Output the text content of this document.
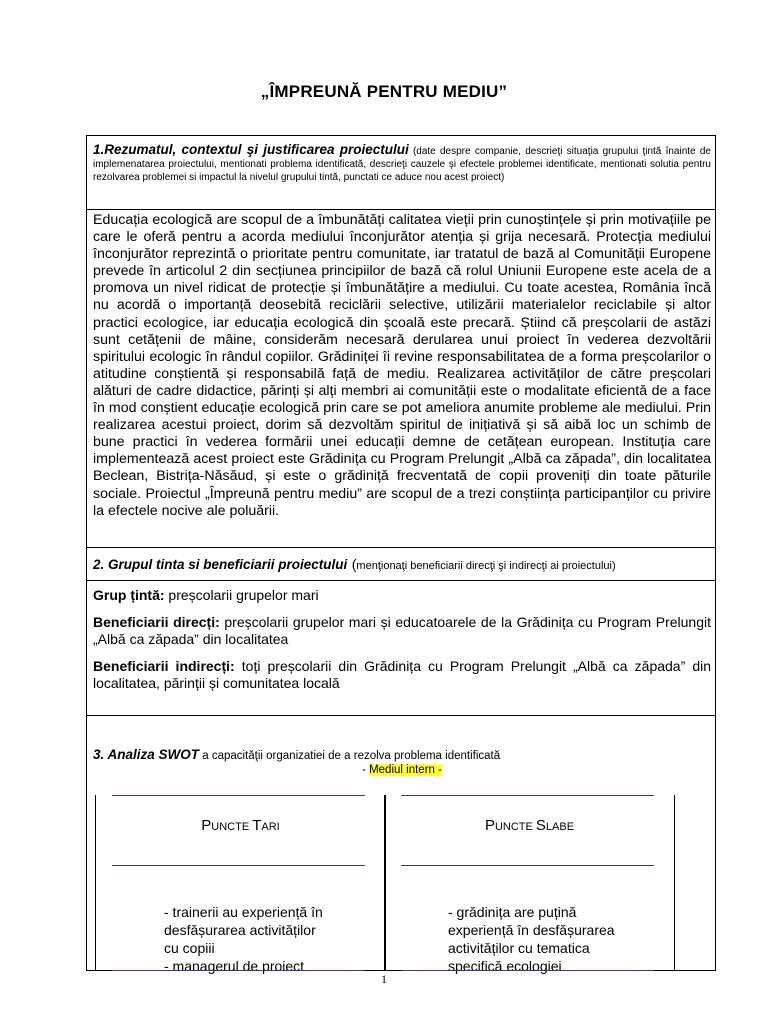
„ÎMPREUNĂ PENTRU MEDIU”
1.Rezumatul, contextul şi justificarea proiectului (date despre companie, descrieţi situaţia grupului ţintă înainte de implemenatarea proiectului, mentionati problema identificată, descrieţi cauzele şi efectele problemei identificate, mentionati solutia pentru rezolvarea problemei si impactul la nivelul grupului tintă, punctati ce aduce nou acest proiect)
Educația ecologică are scopul de a îmbunătăți calitatea vieții prin cunoștințele și prin motivațiile pe care le oferă pentru a acorda mediului înconjurător atenția și grija necesară. Protecția mediului înconjurător reprezintă o prioritate pentru comunitate, iar tratatul de bază al Comunității Europene prevede în articolul 2 din secțiunea principiilor de bază că rolul Uniunii Europene este acela de a promova un nivel ridicat de protecție și îmbunătățire a mediului. Cu toate acestea, România încă nu acordă o importanță deosebită reciclării selective, utilizării materialelor reciclabile și altor practici ecologice, iar educația ecologică din școală este precară. Știind că preșcolarii de astăzi sunt cetățenii de mâine, considerăm necesară derularea unui proiect în vederea dezvoltării spiritului ecologic în rândul copiilor. Grădiniței îi revine responsabilitatea de a forma preșcolarilor o atitudine conștientă și responsabilă față de mediu. Realizarea activităților de către preșcolari alături de cadre didactice, părinți și alți membri ai comunității este o modalitate eficientă de a face în mod conștient educație ecologică prin care se pot ameliora anumite probleme ale mediului. Prin realizarea acestui proiect, dorim să dezvoltăm spiritul de inițiativă și să aibă loc un schimb de bune practici în vederea formării unei educații demne de cetățean european. Instituția care implementează acest proiect este Grădinița cu Program Prelungit „Albă ca zăpada”, din localitatea Beclean, Bistrița-Năsăud, și este o grădiniță frecventată de copii proveniți din toate păturile sociale. Proiectul „Împreună pentru mediu” are scopul de a trezi conștiința participanților cu privire la efectele nocive ale poluării.
2. Grupul tinta si beneficiarii proiectului (menţionaţi beneficiarii direcţi şi indirecţi ai proiectului)

Grup țintă: preșcolarii grupelor mari

Beneficiarii direcți: preșcolarii grupelor mari și educatoarele de la Grădinița cu Program Prelungit „Albă ca zăpada” din localitatea

Beneficiarii indirecți: toți preșcolarii din Grădinița cu Program Prelungit „Albă ca zăpada” din localitatea, părinții și comunitatea locală

3. Analiza SWOT a capacităţii organizatiei de a rezolva problema identificată
- Mediul intern -
PUNCTE TARI
- trainerii au experiență în
desfășurarea activităților
cu copiii
- managerul de proiect
PUNCTE SLABE
- grădinița are puțină
experiență în desfășurarea
activităților cu tematica
specifică ecologiei
1
